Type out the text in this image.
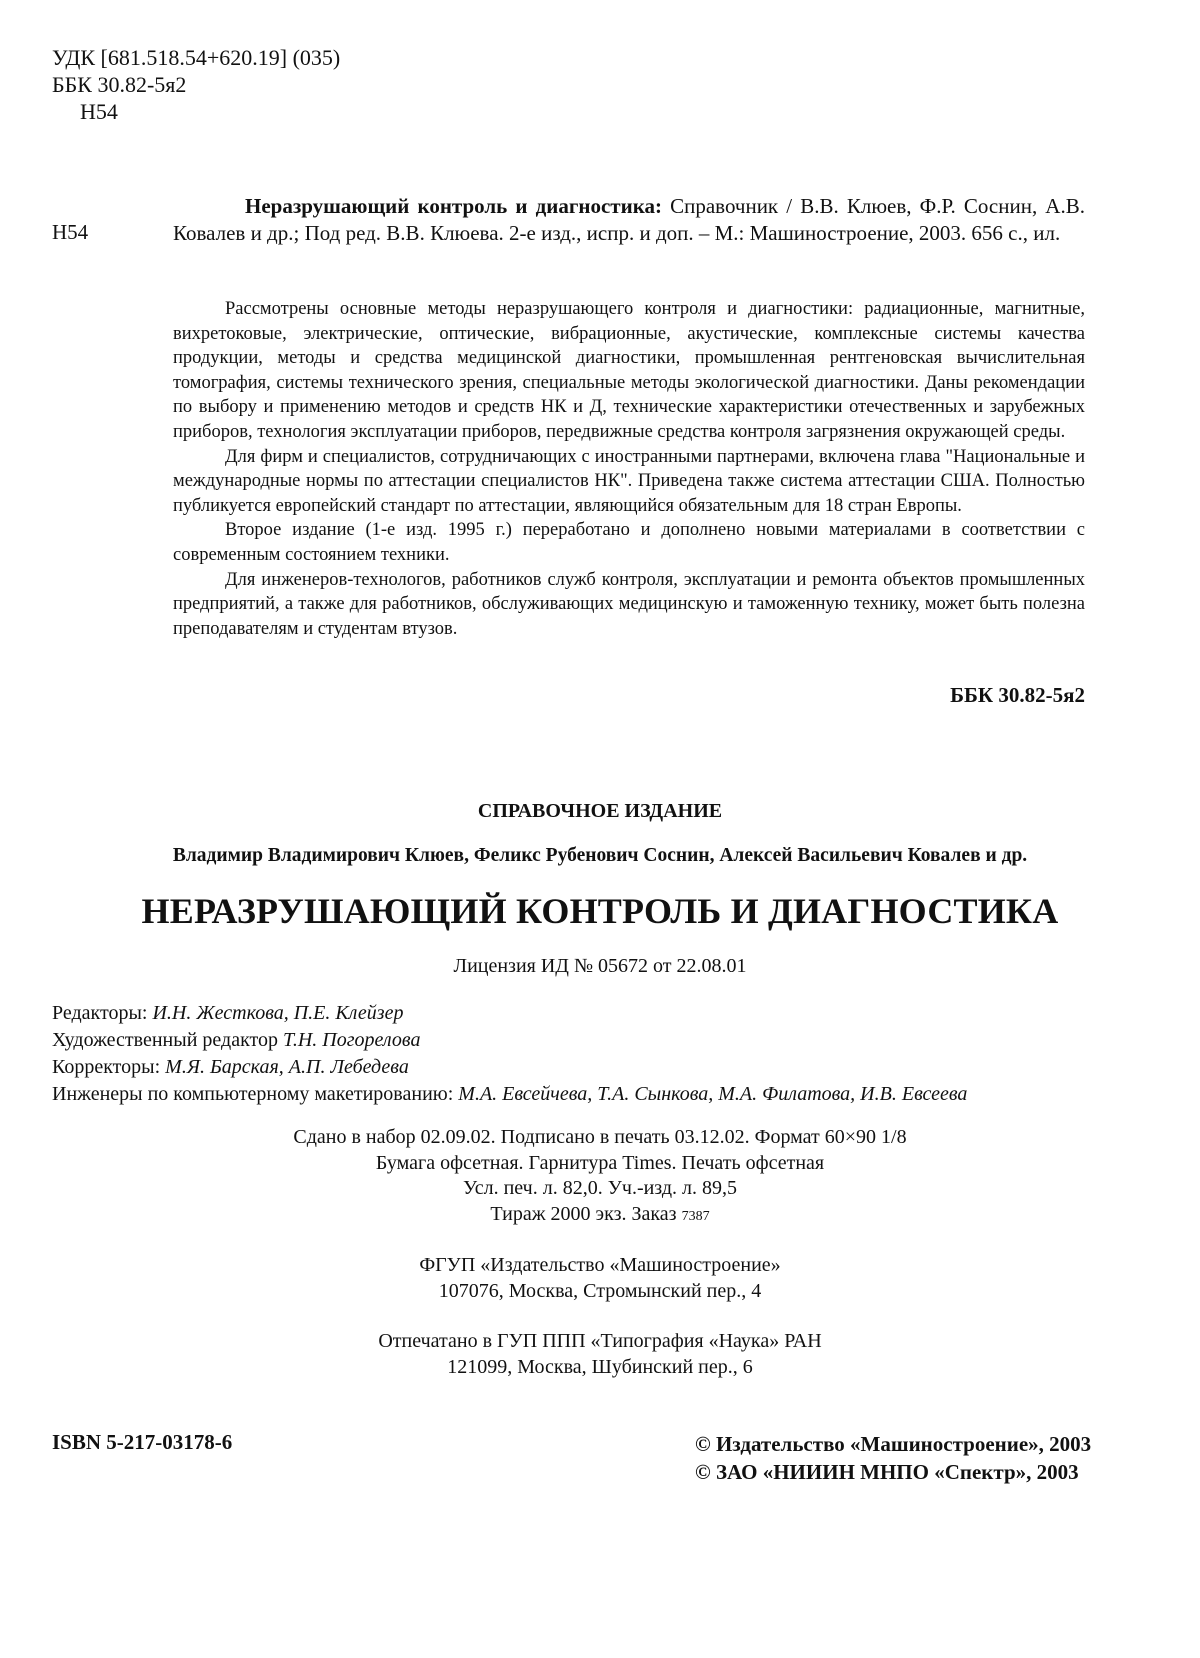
УДК [681.518.54+620.19] (035)
ББК 30.82-5я2
Н54
Н54
Неразрушающий контроль и диагностика: Справочник / В.В. Клюев, Ф.Р. Соснин, А.В. Ковалев и др.; Под ред. В.В. Клюева. 2-е изд., испр. и доп. – М.: Машиностроение, 2003. 656 с., ил.

Рассмотрены основные методы неразрушающего контроля и диагностики: радиационные, магнитные, вихретоковые, электрические, оптические, вибрационные, акустические, комплексные системы качества продукции, методы и средства медицинской диагностики, промышленная рентгеновская вычислительная томография, системы технического зрения, специальные методы экологической диагностики. Даны рекомендации по выбору и применению методов и средств НК и Д, технические характеристики отечественных и зарубежных приборов, технология эксплуатации приборов, передвижные средства контроля загрязнения окружающей среды.

Для фирм и специалистов, сотрудничающих с иностранными партнерами, включена глава "Национальные и международные нормы по аттестации специалистов НК". Приведена также система аттестации США. Полностью публикуется европейский стандарт по аттестации, являющийся обязательным для 18 стран Европы.

Второе издание (1-е изд. 1995 г.) переработано и дополнено новыми материалами в соответствии с современным состоянием техники.

Для инженеров-технологов, работников служб контроля, эксплуатации и ремонта объектов промышленных предприятий, а также для работников, обслуживающих медицинскую и таможенную технику, может быть полезна преподавателям и студентам втузов.

ББК 30.82-5я2
СПРАВОЧНОЕ ИЗДАНИЕ
Владимир Владимирович Клюев, Феликс Рубенович Соснин, Алексей Васильевич Ковалев и др.
НЕРАЗРУШАЮЩИЙ КОНТРОЛЬ И ДИАГНОСТИКА
Лицензия ИД № 05672 от 22.08.01
Редакторы: И.Н. Жесткова, П.Е. Клейзер
Художественный редактор Т.Н. Погорелова
Корректоры: М.Я. Барская, А.П. Лебедева
Инженеры по компьютерному макетированию: М.А. Евсейчева, Т.А. Сынкова, М.А. Филатова, И.В. Евсеева
Сдано в набор 02.09.02. Подписано в печать 03.12.02. Формат 60×90 1/8
Бумага офсетная. Гарнитура Times. Печать офсетная
Усл. печ. л. 82,0. Уч.-изд. л. 89,5
Тираж 2000 экз. Заказ 7387
ФГУП «Издательство «Машиностроение»
107076, Москва, Стромынский пер., 4
Отпечатано в ГУП ППП «Типография «Наука» РАН
121099, Москва, Шубинский пер., 6
ISBN 5-217-03178-6	© Издательство «Машиностроение», 2003
© ЗАО «НИИИН МНПО «Спектр», 2003
